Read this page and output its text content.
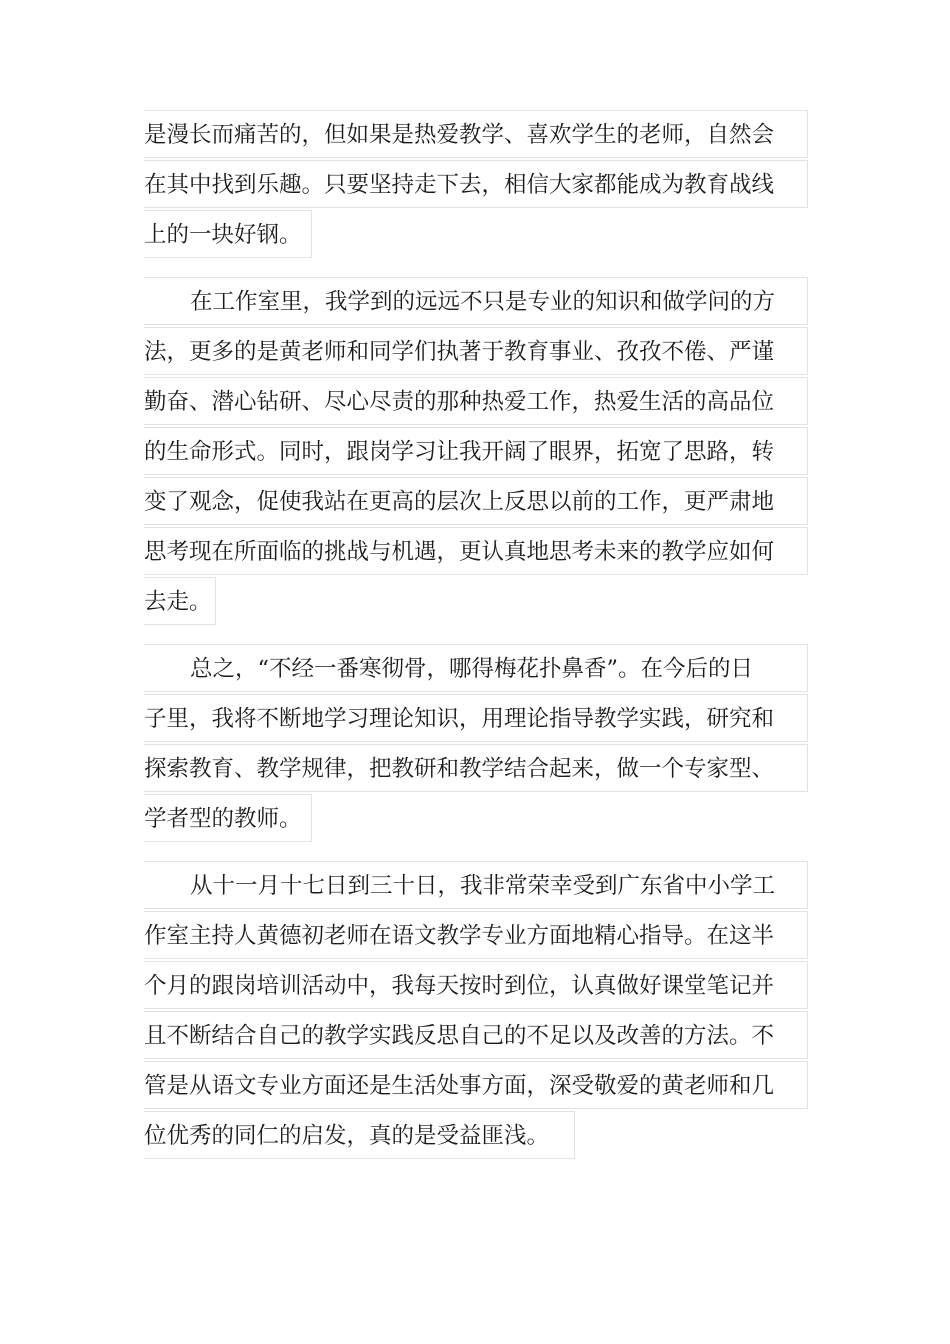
是漫长而痛苦的，但如果是热爱教学、喜欢学生的老师，自然会
在其中找到乐趣。只要坚持走下去，相信大家都能成为教育战线
上的一块好钢。
在工作室里，我学到的远远不只是专业的知识和做学问的方
法，更多的是黄老师和同学们执著于教育事业、孜孜不倦、严谨
勤奋、潜心钻研、尽心尽责的那种热爱工作，热爱生活的高品位
的生命形式。同时，跟岗学习让我开阔了眼界，拓宽了思路，转
变了观念，促使我站在更高的层次上反思以前的工作，更严肃地
思考现在所面临的挑战与机遇，更认真地思考未来的教学应如何
去走。
总之，“不经一番寒彻骨，哪得梅花扑鼻香”。在今后的日
子里，我将不断地学习理论知识，用理论指导教学实践，研究和
探索教育、教学规律，把教研和教学结合起来，做一个专家型、
学者型的教师。
从十一月十七日到三十日，我非常荣幸受到广东省中小学工
作室主持人黄德初老师在语文教学专业方面地精心指导。在这半
个月的跟岗培训活动中，我每天按时到位，认真做好课堂笔记并
且不断结合自己的教学实践反思自己的不足以及改善的方法。不
管是从语文专业方面还是生活处事方面，深受敬爱的黄老师和几
位优秀的同仁的启发，真的是受益匪浅。
